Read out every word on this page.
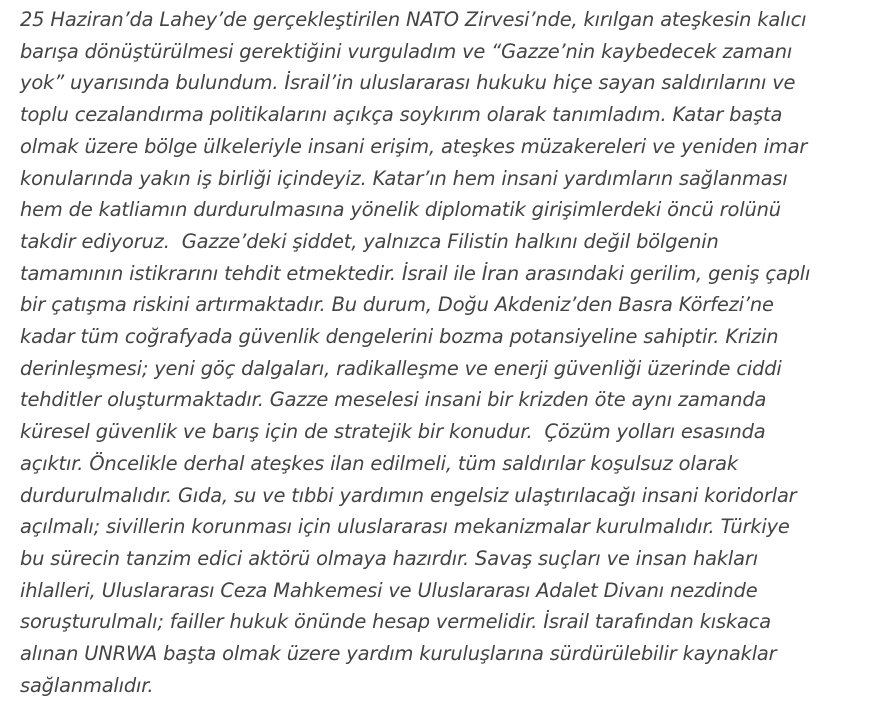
25 Haziran’da Lahey’de gerçekleştirilen NATO Zirvesi’nde, kırılgan ateşkesin kalıcı
barışa dönüştürülmesi gerektiğini vurguladım ve “Gazze’nin kaybedecek zamanı
yok” uyarısında bulundum. İsrail’in uluslararası hukuku hiçe sayan saldırılarını ve
toplu cezalandırma politikalarını açıkça soykırım olarak tanımladım. Katar başta
olmak üzere bölge ülkeleriyle insani erişim, ateşkes müzakereleri ve yeniden imar
konularında yakın iş birliği içindeyiz. Katar’ın hem insani yardımların sağlanması
hem de katliamın durdurulmasına yönelik diplomatik girişimlerdeki öncü rolünü
takdir ediyoruz.  Gazze’deki şiddet, yalnızca Filistin halkını değil bölgenin
tamamının istikrarını tehdit etmektedir. İsrail ile İran arasındaki gerilim, geniş çaplı
bir çatışma riskini artırmaktadır. Bu durum, Doğu Akdeniz’den Basra Körfezi’ne
kadar tüm coğrafyada güvenlik dengelerini bozma potansiyeline sahiptir. Krizin
derinleşmesi; yeni göç dalgaları, radikalleşme ve enerji güvenliği üzerinde ciddi
tehditler oluşturmaktadır. Gazze meselesi insani bir krizden öte aynı zamanda
küresel güvenlik ve barış için de stratejik bir konudur.  Çözüm yolları esasında
açıktır. Öncelikle derhal ateşkes ilan edilmeli, tüm saldırılar koşulsuz olarak
durdurulmalıdır. Gıda, su ve tıbbi yardımın engelsiz ulaştırılacağı insani koridorlar
açılmalı; sivillerin korunması için uluslararası mekanizmalar kurulmalıdır. Türkiye
bu sürecin tanzim edici aktörü olmaya hazırdır. Savaş suçları ve insan hakları
ihlalleri, Uluslararası Ceza Mahkemesi ve Uluslararası Adalet Divanı nezdinde
soruşturulmalı; failler hukuk önünde hesap vermelidir. İsrail tarafından kıskaca
alınan UNRWA başta olmak üzere yardım kuruluşlarına sürdürülebilir kaynaklar
sağlanmalıdır.
